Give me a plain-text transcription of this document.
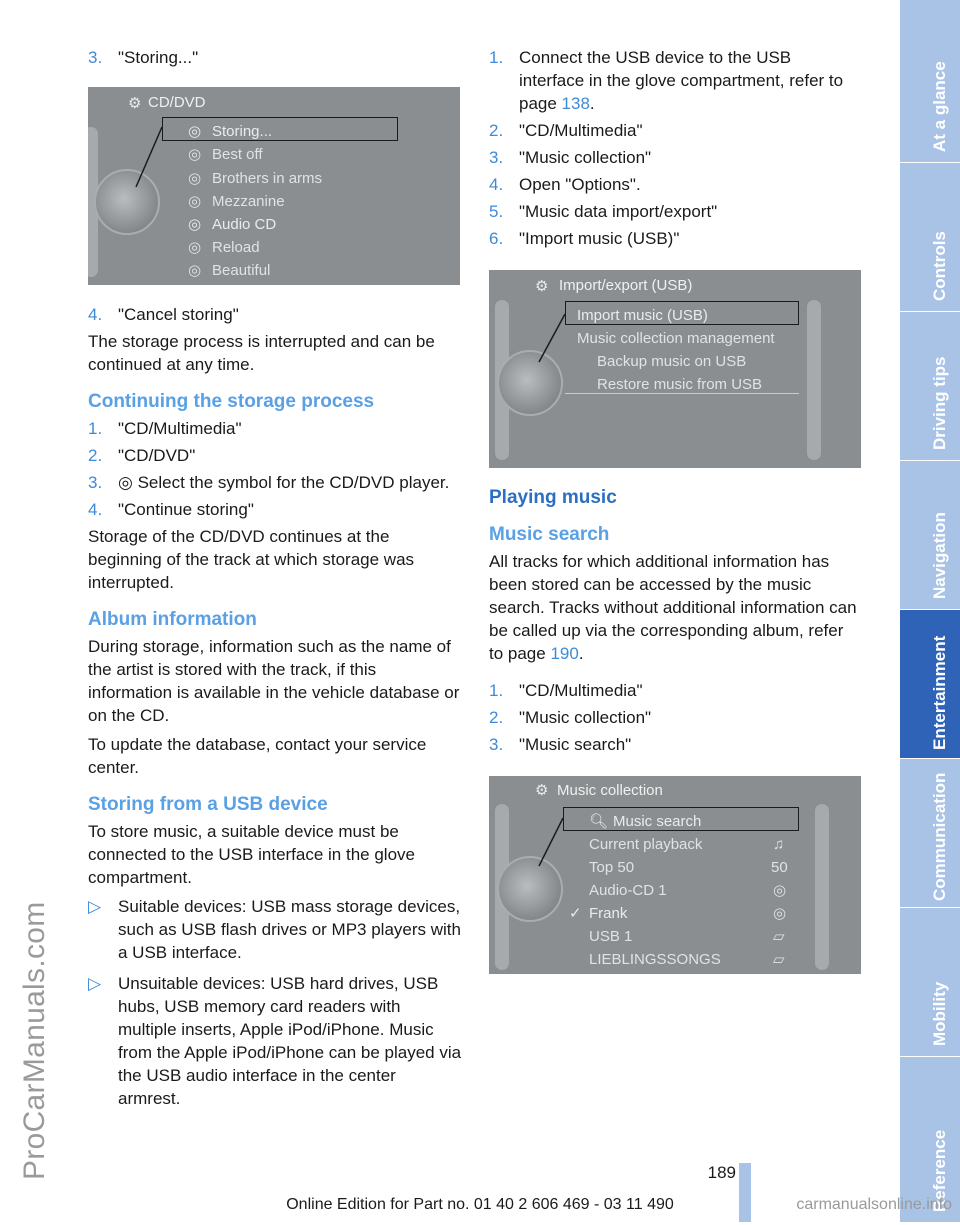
ProCarManuals.com
3. "Storing..."
⚙ CD/DVD
◎ Storing...
◎ Best off
◎ Brothers in arms
◎ Mezzanine
◎ Audio CD
◎ Reload
◎ Beautiful
4. "Cancel storing"

The storage process is interrupted and can be continued at any time.

Continuing the storage process
1. "CD/Multimedia"
2. "CD/DVD"
3. ◎ Select the symbol for the CD/DVD player.
4. "Continue storing"

Storage of the CD/DVD continues at the beginning of the track at which storage was interrupted.

Album information

During storage, information such as the name of the artist is stored with the track, if this information is available in the vehicle database or on the CD.

To update the database, contact your service center.

Storing from a USB device

To store music, a suitable device must be connected to the USB interface in the glove compartment.

▷ Suitable devices: USB mass storage devices, such as USB flash drives or MP3 players with a USB interface.
▷ Unsuitable devices: USB hard drives, USB hubs, USB memory card readers with multiple inserts, Apple iPod/iPhone. Music from the Apple iPod/iPhone can be played via the USB audio interface in the center armrest.
1. Connect the USB device to the USB interface in the glove compartment, refer to page 138.
2. "CD/Multimedia"
3. "Music collection"
4. Open "Options".
5. "Music data import/export"
6. "Import music (USB)"
⚙ Import/export (USB)
Import music (USB)
Music collection management
Backup music on USB
Restore music from USB
Playing music
Music search

All tracks for which additional information has been stored can be accessed by the music search. Tracks without additional information can be called up via the corresponding album, refer to page 190.

1. "CD/Multimedia"
2. "Music collection"
3. "Music search"
⚙ Music collection
🔍︎ Music search
Current playback	♫
Top 50	50
Audio-CD 1	◎
✓ Frank	◎
USB 1	▱
LIEBLINGSSONGS	▱
At a glance
Controls
Driving tips
Navigation
Entertainment
Communication
Mobility
Reference
189
Online Edition for Part no. 01 40 2 606 469 - 03 11 490	carmanualsonline.info
